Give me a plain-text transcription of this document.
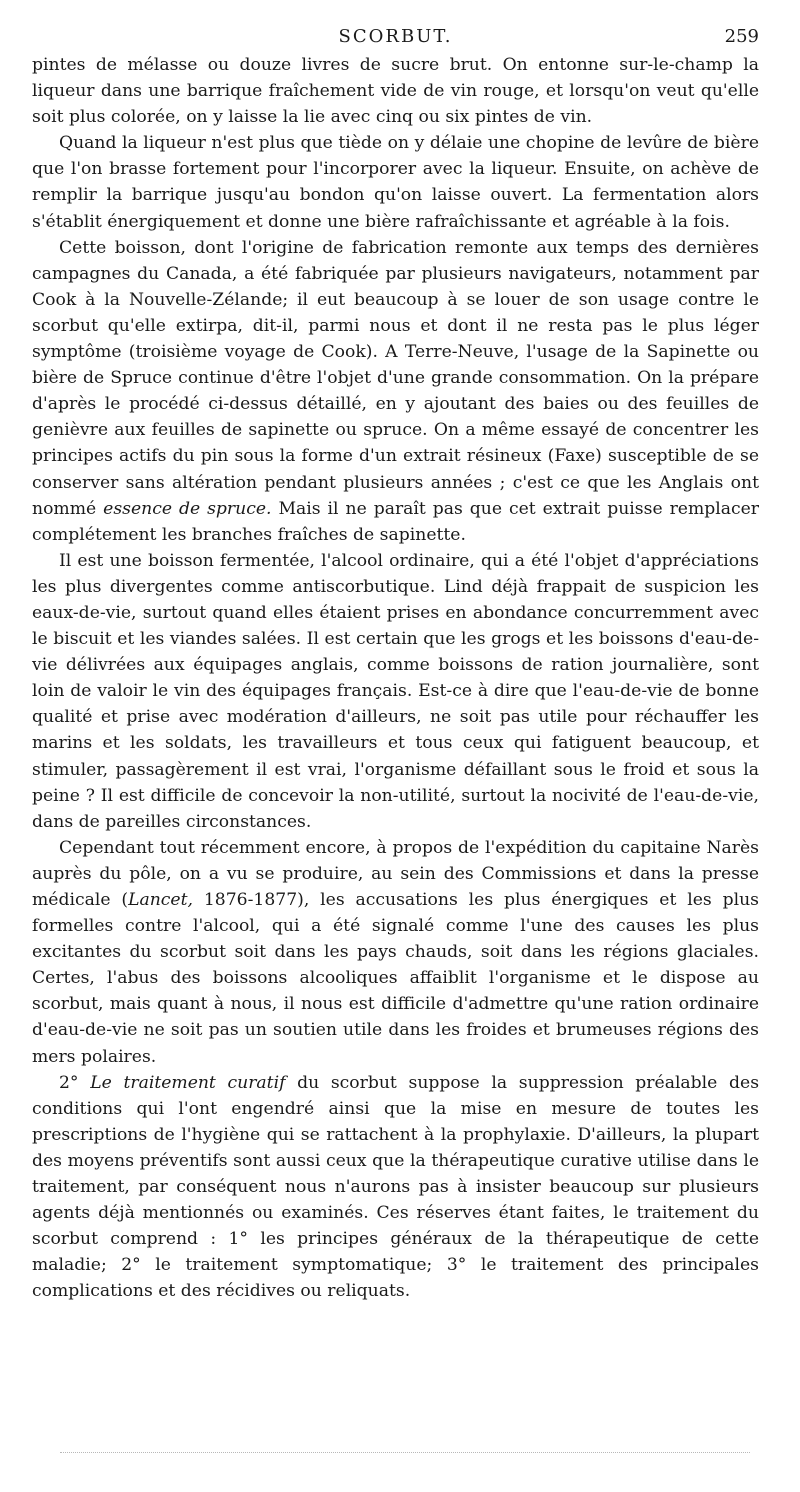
SCORBUT.	259

pintes de mélasse ou douze livres de sucre brut. On entonne sur-le-champ la liqueur dans une barrique fraîchement vide de vin rouge, et lorsqu'on veut qu'elle soit plus colorée, on y laisse la lie avec cinq ou six pintes de vin.

Quand la liqueur n'est plus que tiède on y délaie une chopine de levûre de bière que l'on brasse fortement pour l'incorporer avec la liqueur. Ensuite, on achève de remplir la barrique jusqu'au bondon qu'on laisse ouvert. La fermentation alors s'établit énergiquement et donne une bière rafraîchissante et agréable à la fois.

Cette boisson, dont l'origine de fabrication remonte aux temps des dernières campagnes du Canada, a été fabriquée par plusieurs navigateurs, notamment par Cook à la Nouvelle-Zélande; il eut beaucoup à se louer de son usage contre le scorbut qu'elle extirpa, dit-il, parmi nous et dont il ne resta pas le plus léger symptôme (troisième voyage de Cook). A Terre-Neuve, l'usage de la Sapinette ou bière de Spruce continue d'être l'objet d'une grande consommation. On la prépare d'après le procédé ci-dessus détaillé, en y ajoutant des baies ou des feuilles de genièvre aux feuilles de sapinette ou spruce. On a même essayé de concentrer les principes actifs du pin sous la forme d'un extrait résineux (Faxe) susceptible de se conserver sans altération pendant plusieurs années ; c'est ce que les Anglais ont nommé essence de spruce. Mais il ne paraît pas que cet extrait puisse remplacer complétement les branches fraîches de sapinette.

Il est une boisson fermentée, l'alcool ordinaire, qui a été l'objet d'appréciations les plus divergentes comme antiscorbutique. Lind déjà frappait de suspicion les eaux-de-vie, surtout quand elles étaient prises en abondance concurremment avec le biscuit et les viandes salées. Il est certain que les grogs et les boissons d'eau-de-vie délivrées aux équipages anglais, comme boissons de ration journalière, sont loin de valoir le vin des équipages français. Est-ce à dire que l'eau-de-vie de bonne qualité et prise avec modération d'ailleurs, ne soit pas utile pour réchauffer les marins et les soldats, les travailleurs et tous ceux qui fatiguent beaucoup, et stimuler, passagèrement il est vrai, l'organisme défaillant sous le froid et sous la peine ? Il est difficile de concevoir la non-utilité, surtout la nocivité de l'eau-de-vie, dans de pareilles circonstances.

Cependant tout récemment encore, à propos de l'expédition du capitaine Narès auprès du pôle, on a vu se produire, au sein des Commissions et dans la presse médicale (Lancet, 1876-1877), les accusations les plus énergiques et les plus formelles contre l'alcool, qui a été signalé comme l'une des causes les plus excitantes du scorbut soit dans les pays chauds, soit dans les régions glaciales. Certes, l'abus des boissons alcooliques affaiblit l'organisme et le dispose au scorbut, mais quant à nous, il nous est difficile d'admettre qu'une ration ordinaire d'eau-de-vie ne soit pas un soutien utile dans les froides et brumeuses régions des mers polaires.

2° Le traitement curatif du scorbut suppose la suppression préalable des conditions qui l'ont engendré ainsi que la mise en mesure de toutes les prescriptions de l'hygiène qui se rattachent à la prophylaxie. D'ailleurs, la plupart des moyens préventifs sont aussi ceux que la thérapeutique curative utilise dans le traitement, par conséquent nous n'aurons pas à insister beaucoup sur plusieurs agents déjà mentionnés ou examinés. Ces réserves étant faites, le traitement du scorbut comprend : 1° les principes généraux de la thérapeutique de cette maladie; 2° le traitement symptomatique; 3° le traitement des principales complications et des récidives ou reliquats.
